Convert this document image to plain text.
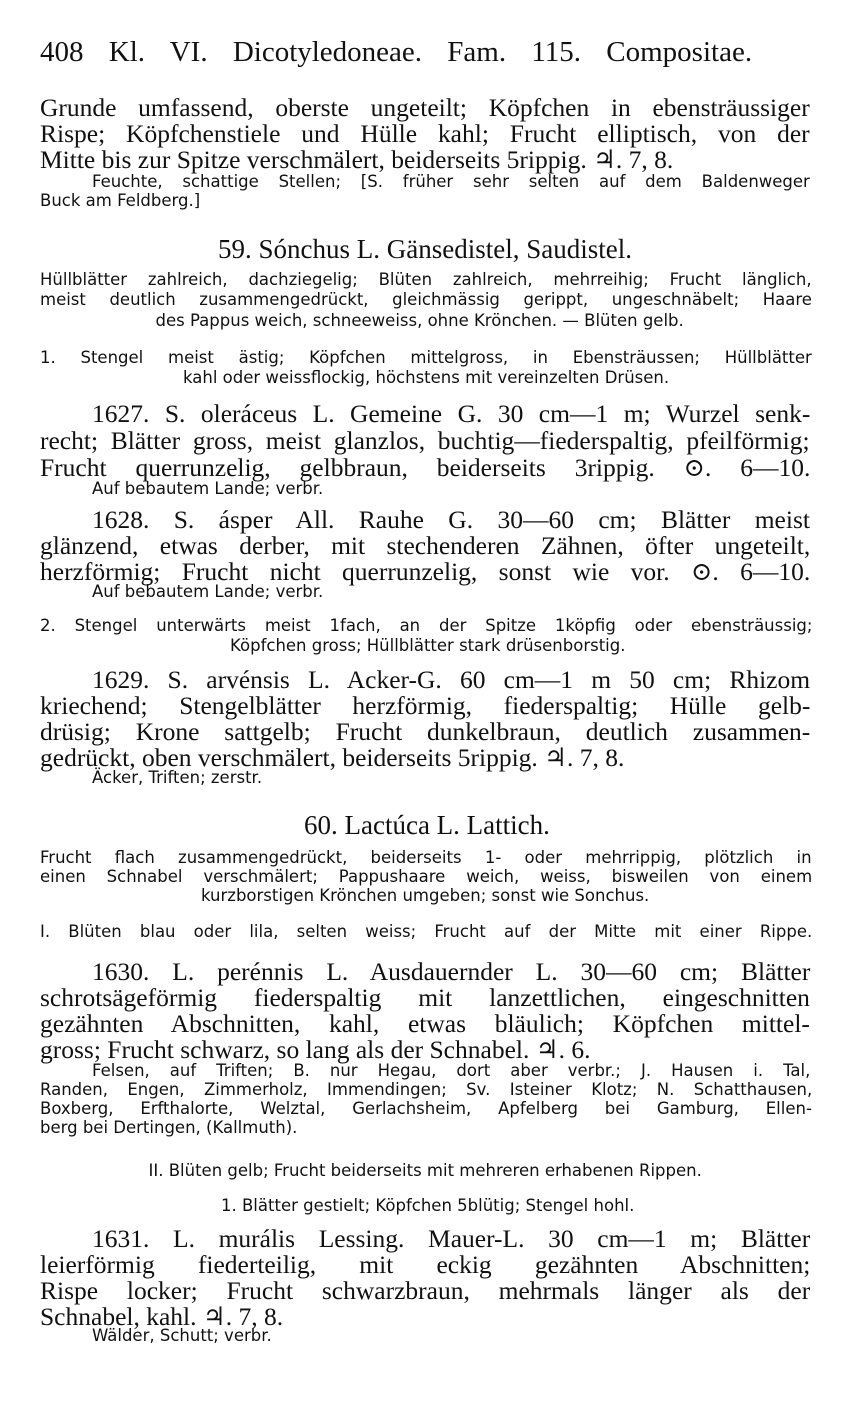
408 Kl. VI. Dicotyledoneae. Fam. 115. Compositae.
Grunde umfassend, oberste ungeteilt; Köpfchen in ebensträussiger
Rispe; Köpfchenstiele und Hülle kahl; Frucht elliptisch, von der
Mitte bis zur Spitze verschmälert, beiderseits 5rippig. ♃. 7, 8.
Feuchte, schattige Stellen; [S. früher sehr selten auf dem Baldenweger
Buck am Feldberg.]
59. Sónchus L. Gänsedistel, Saudistel.
Hüllblätter zahlreich, dachziegelig; Blüten zahlreich, mehrreihig; Frucht länglich,
meist deutlich zusammengedrückt, gleichmässig gerippt, ungeschnäbelt; Haare
des Pappus weich, schneeweiss, ohne Krönchen. — Blüten gelb.
1. Stengel meist ästig; Köpfchen mittelgross, in Ebensträussen; Hüllblätter
kahl oder weissflockig, höchstens mit vereinzelten Drüsen.
1627. S. oleráceus L. Gemeine G. 30 cm—1 m; Wurzel senk-
recht; Blätter gross, meist glanzlos, buchtig—fiederspaltig, pfeilförmig;
Frucht querrunzelig, gelbbraun, beiderseits 3rippig. ⊙. 6—10.
Auf bebautem Lande; verbr.
1628. S. ásper All. Rauhe G. 30—60 cm; Blätter meist
glänzend, etwas derber, mit stechenderen Zähnen, öfter ungeteilt,
herzförmig; Frucht nicht querrunzelig, sonst wie vor. ⊙. 6—10.
Auf bebautem Lande; verbr.
2. Stengel unterwärts meist 1fach, an der Spitze 1köpfig oder ebensträussig;
Köpfchen gross; Hüllblätter stark drüsenborstig.
1629. S. arvénsis L. Acker-G. 60 cm—1 m 50 cm; Rhizom
kriechend; Stengelblätter herzförmig, fiederspaltig; Hülle gelb-
drüsig; Krone sattgelb; Frucht dunkelbraun, deutlich zusammen-
gedrückt, oben verschmälert, beiderseits 5rippig. ♃. 7, 8.
Äcker, Triften; zerstr.
60. Lactúca L. Lattich.
Frucht flach zusammengedrückt, beiderseits 1- oder mehrrippig, plötzlich in
einen Schnabel verschmälert; Pappushaare weich, weiss, bisweilen von einem
kurzborstigen Krönchen umgeben; sonst wie Sonchus.
I. Blüten blau oder lila, selten weiss; Frucht auf der Mitte mit einer Rippe.
1630. L. perénnis L. Ausdauernder L. 30—60 cm; Blätter
schrotsägeförmig fiederspaltig mit lanzettlichen, eingeschnitten
gezähnten Abschnitten, kahl, etwas bläulich; Köpfchen mittel-
gross; Frucht schwarz, so lang als der Schnabel. ♃. 6.
Felsen, auf Triften; B. nur Hegau, dort aber verbr.; J. Hausen i. Tal,
Randen, Engen, Zimmerholz, Immendingen; Sv. Isteiner Klotz; N. Schatthausen,
Boxberg, Erfthalorte, Welztal, Gerlachsheim, Apfelberg bei Gamburg, Ellen-
berg bei Dertingen, (Kallmuth).
II. Blüten gelb; Frucht beiderseits mit mehreren erhabenen Rippen.
1. Blätter gestielt; Köpfchen 5blütig; Stengel hohl.
1631. L. murális Lessing. Mauer-L. 30 cm—1 m; Blätter
leierförmig fiederteilig, mit eckig gezähnten Abschnitten;
Rispe locker; Frucht schwarzbraun, mehrmals länger als der
Schnabel, kahl. ♃. 7, 8.
Wälder, Schutt; verbr.
